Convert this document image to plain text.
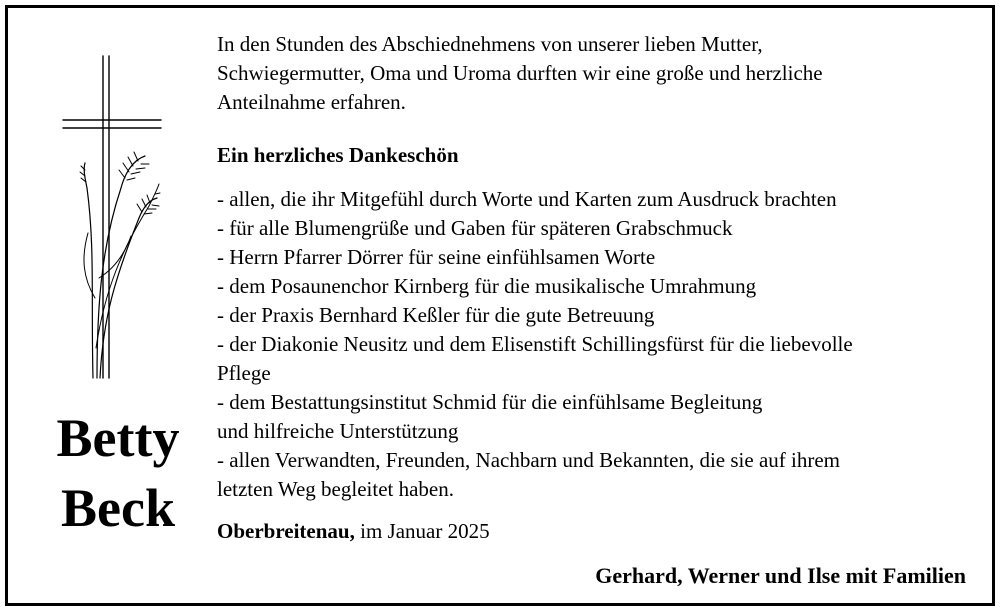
Betty
Beck
In den Stunden des Abschiednehmens von unserer lieben Mutter,
Schwiegermutter, Oma und Uroma durften wir eine große und herzliche
Anteilnahme erfahren.
Ein herzliches Dankeschön
- allen, die ihr Mitgefühl durch Worte und Karten zum Ausdruck brachten
- für alle Blumengrüße und Gaben für späteren Grabschmuck
- Herrn Pfarrer Dörrer für seine einfühlsamen Worte
- dem Posaunenchor Kirnberg für die musikalische Umrahmung
- der Praxis Bernhard Keßler für die gute Betreuung
- der Diakonie Neusitz und dem Elisenstift Schillingsfürst für die liebevolle
Pflege
- dem Bestattungsinstitut Schmid für die einfühlsame Begleitung
und hilfreiche Unterstützung
- allen Verwandten, Freunden, Nachbarn und Bekannten, die sie auf ihrem
letzten Weg begleitet haben.
Oberbreitenau, im Januar 2025
Gerhard, Werner und Ilse mit Familien
